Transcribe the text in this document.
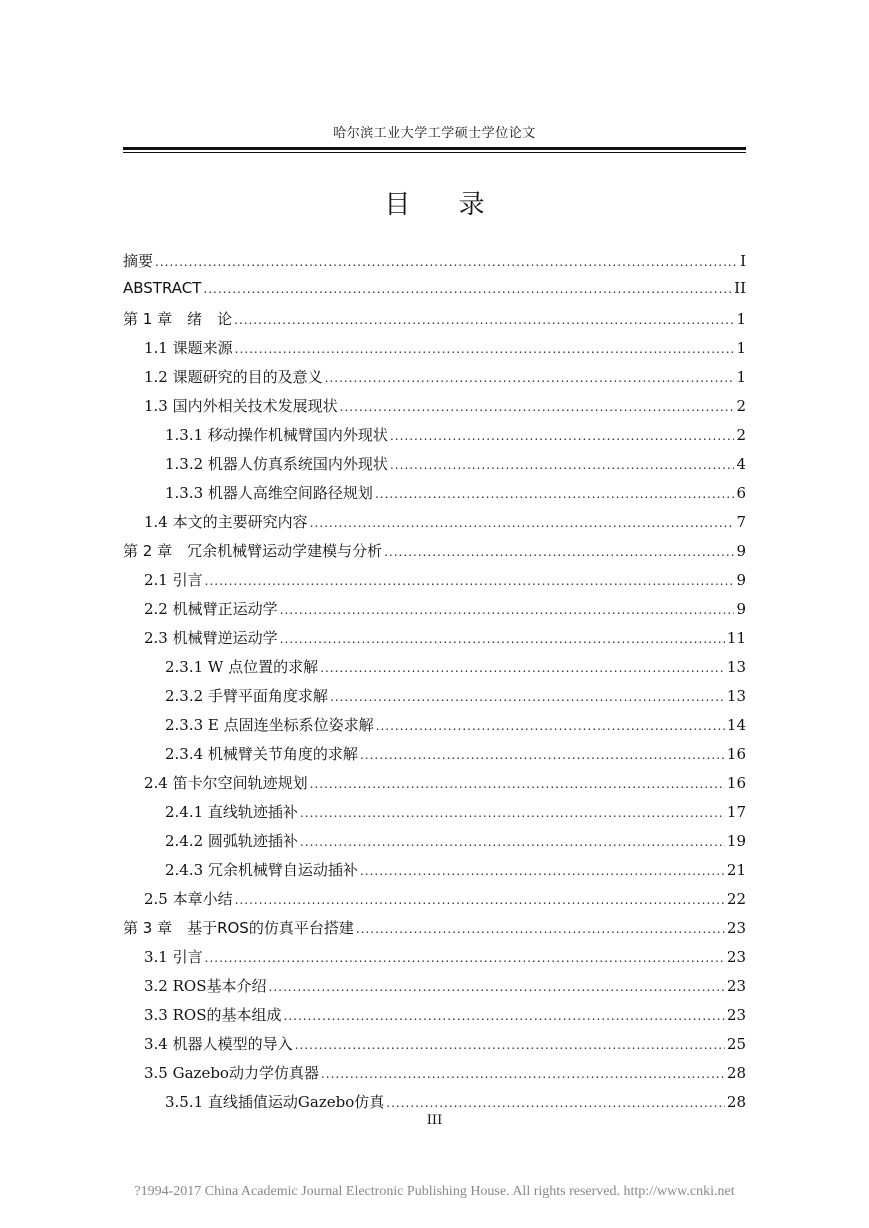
哈尔滨工业大学工学硕士学位论文
目 录
摘要 .....	I
ABSTRACT .....	II
第 1 章　绪　论 .....	1
1.1 课题来源 .....	1
1.2 课题研究的目的及意义 .....	1
1.3 国内外相关技术发展现状 .....	2
1.3.1 移动操作机械臂国内外现状 .....	2
1.3.2 机器人仿真系统国内外现状 .....	4
1.3.3 机器人高维空间路径规划 .....	6
1.4 本文的主要研究内容 .....	7
第 2 章　冗余机械臂运动学建模与分析 .....	9
2.1 引言 .....	9
2.2 机械臂正运动学 .....	9
2.3 机械臂逆运动学 .....	11
2.3.1 W 点位置的求解 .....	13
2.3.2 手臂平面角度求解 .....	13
2.3.3 E 点固连坐标系位姿求解 .....	14
2.3.4 机械臂关节角度的求解 .....	16
2.4 笛卡尔空间轨迹规划 .....	16
2.4.1 直线轨迹插补 .....	17
2.4.2 圆弧轨迹插补 .....	19
2.4.3 冗余机械臂自运动插补 .....	21
2.5 本章小结 .....	22
第 3 章　基于ROS的仿真平台搭建 .....	23
3.1 引言 .....	23
3.2 ROS基本介绍 .....	23
3.3 ROS的基本组成 .....	23
3.4 机器人模型的导入 .....	25
3.5 Gazebo动力学仿真器 .....	28
3.5.1 直线插值运动Gazebo仿真 .....	28
III
?1994-2017 China Academic Journal Electronic Publishing House. All rights reserved. http://www.cnki.net
